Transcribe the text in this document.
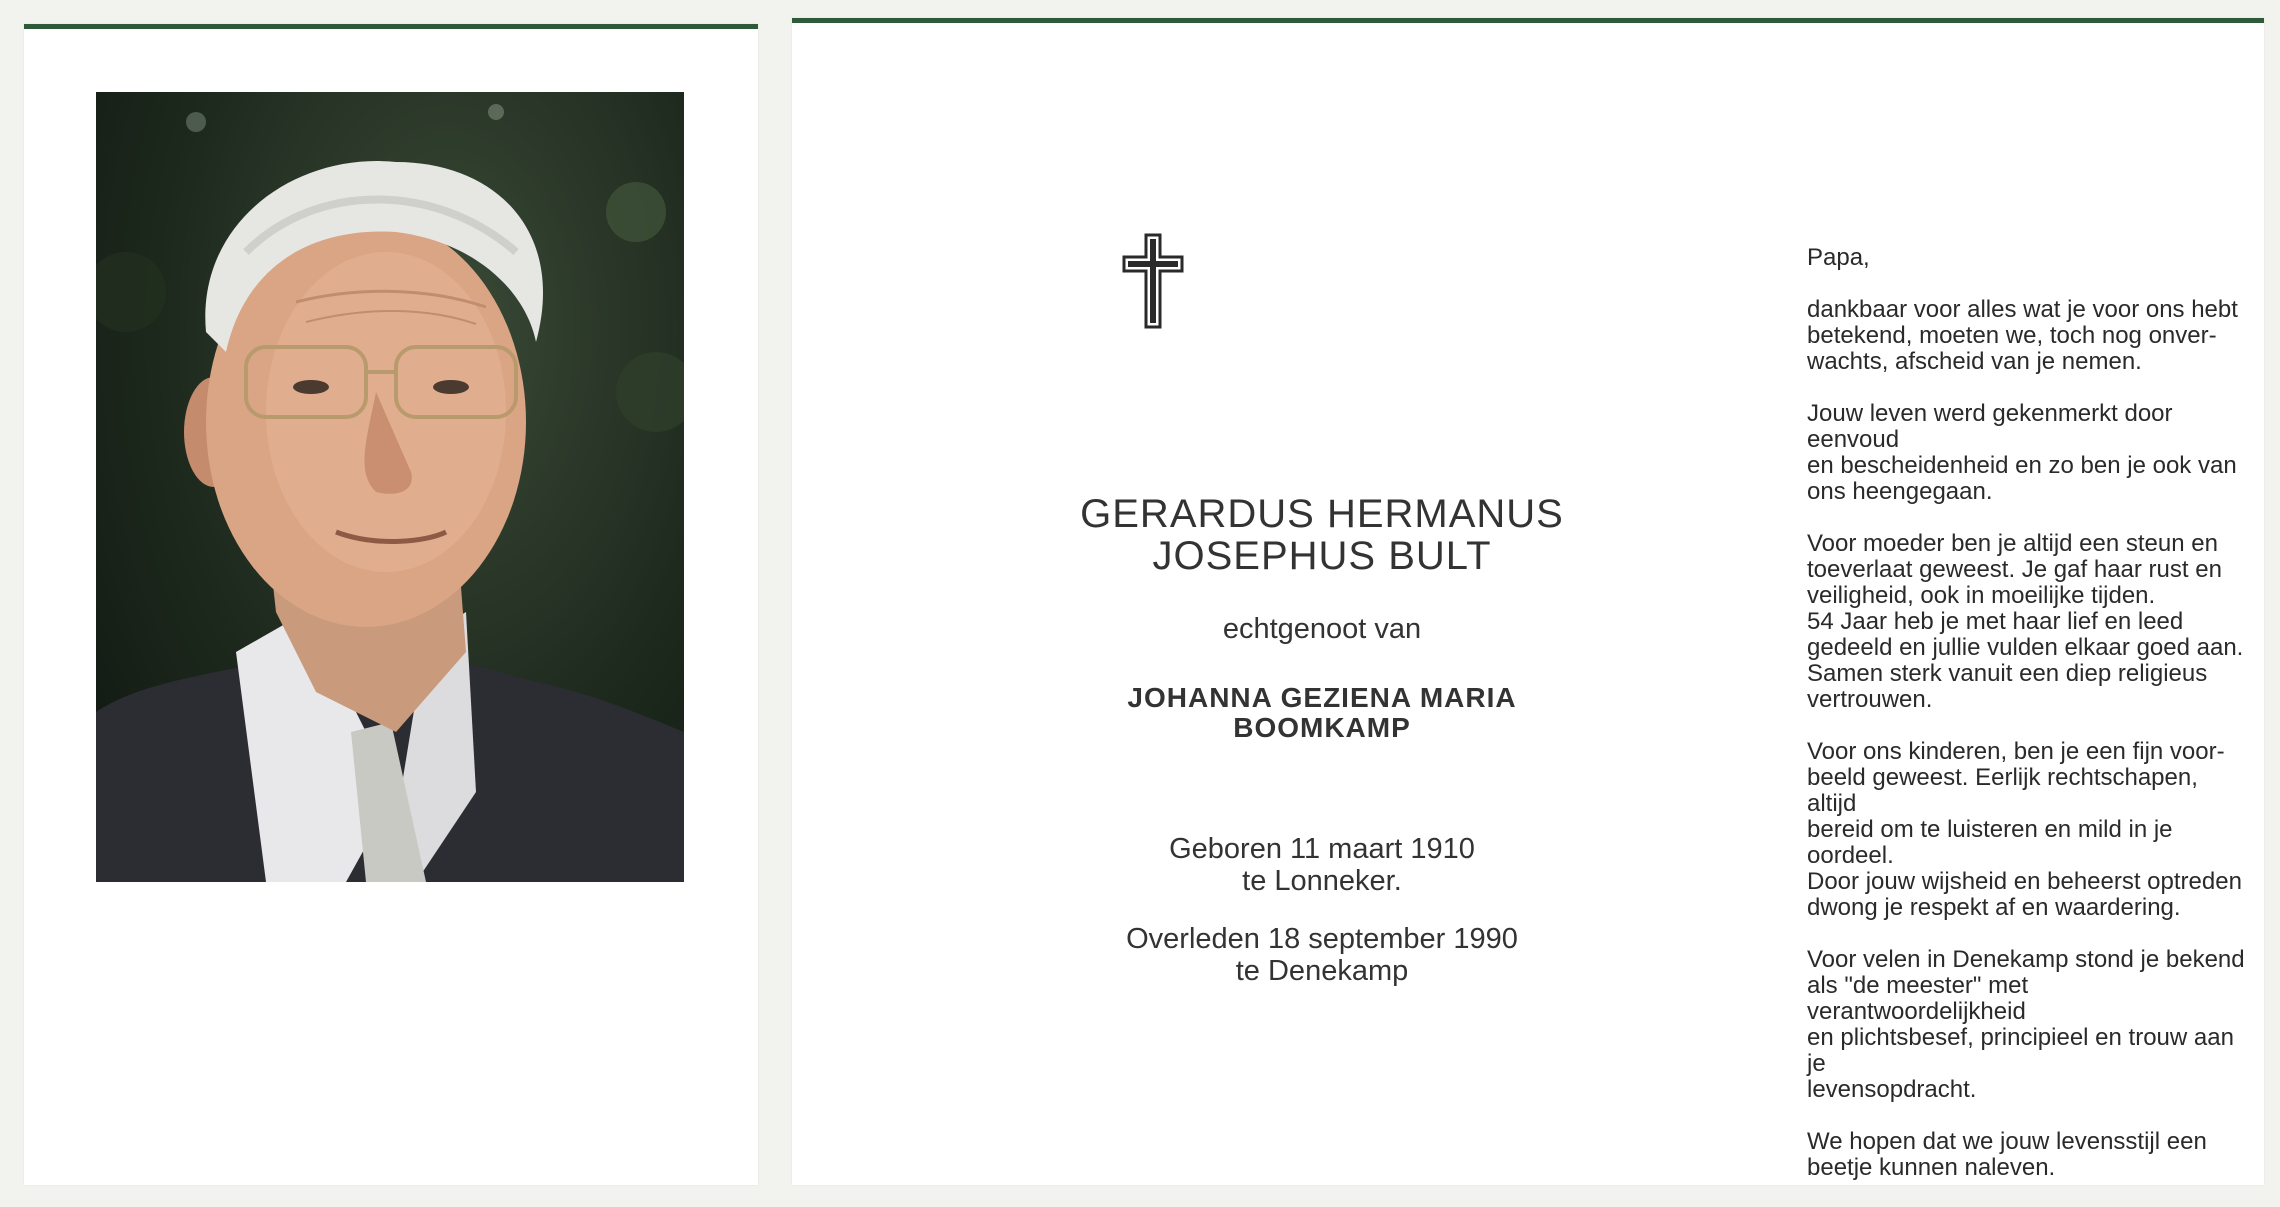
GERARDUS HERMANUS
JOSEPHUS BULT
echtgenoot van
JOHANNA GEZIENA MARIA
BOOMKAMP
Geboren 11 maart 1910
te Lonneker.
Overleden 18 september 1990
te Denekamp

Papa,

dankbaar voor alles wat je voor ons hebt
betekend, moeten we, toch nog onver-
wachts, afscheid van je nemen.

Jouw leven werd gekenmerkt door eenvoud
en bescheidenheid en zo ben je ook van
ons heengegaan.

Voor moeder ben je altijd een steun en
toeverlaat geweest. Je gaf haar rust en
veiligheid, ook in moeilijke tijden.
54 Jaar heb je met haar lief en leed
gedeeld en jullie vulden elkaar goed aan.
Samen sterk vanuit een diep religieus
vertrouwen.

Voor ons kinderen, ben je een fijn voor-
beeld geweest. Eerlijk rechtschapen, altijd
bereid om te luisteren en mild in je oordeel.
Door jouw wijsheid en beheerst optreden
dwong je respekt af en waardering.

Voor velen in Denekamp stond je bekend
als "de meester" met verantwoordelijkheid
en plichtsbesef, principieel en trouw aan je
levensopdracht.

We hopen dat we jouw levensstijl een
beetje kunnen naleven.
